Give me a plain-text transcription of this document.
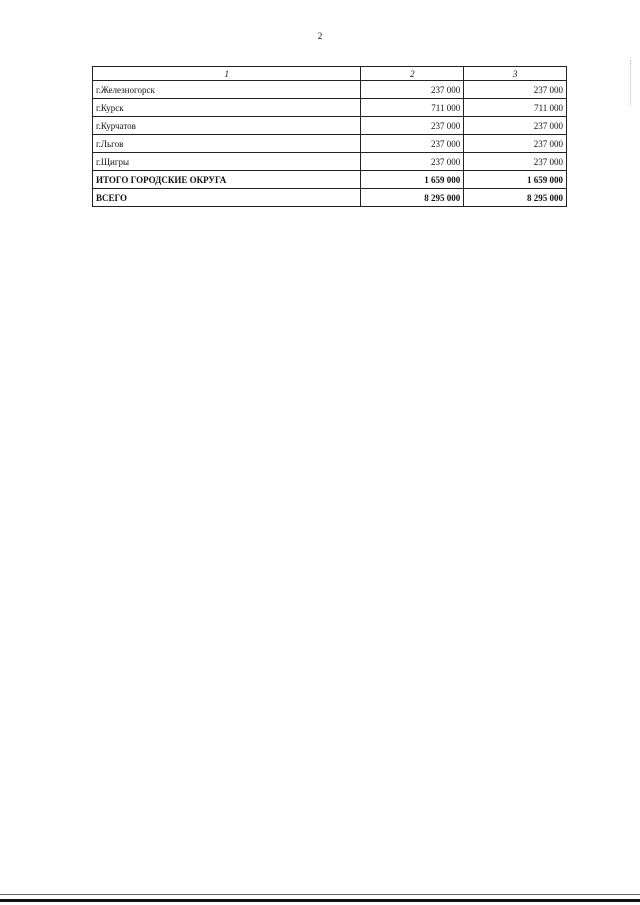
2
1	2	3
г.Железногорск	237 000	237 000
г.Курск	711 000	711 000
г.Курчатов	237 000	237 000
г.Льгов	237 000	237 000
г.Щигры	237 000	237 000
ИТОГО ГОРОДСКИЕ ОКРУГА	1 659 000	1 659 000
ВСЕГО	8 295 000	8 295 000
